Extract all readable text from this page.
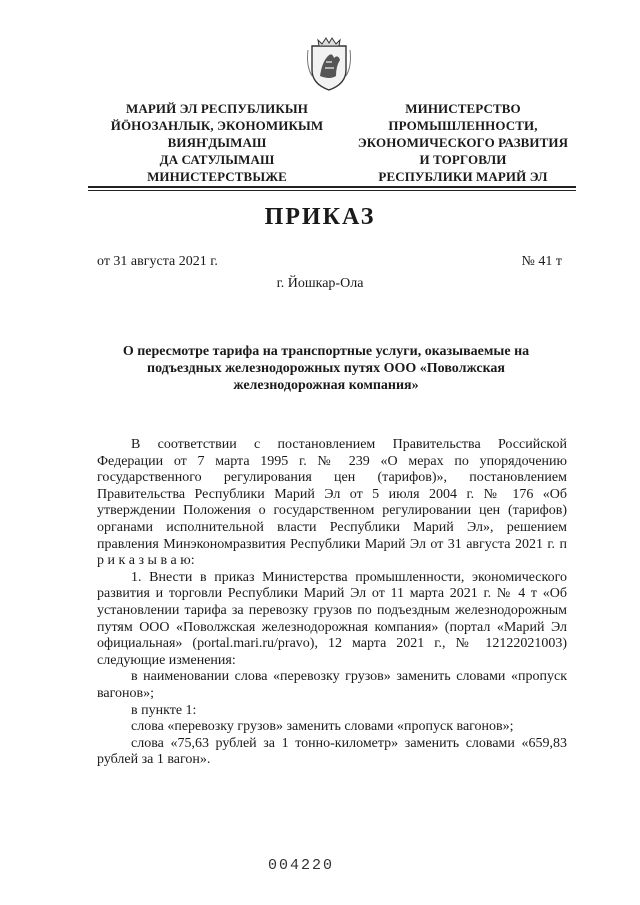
МАРИЙ ЭЛ РЕСПУБЛИКЫН
ЙӦНОЗАНЛЫК, ЭКОНОМИКЫМ
ВИЯҤДЫМАШ
ДА САТУЛЫМАШ
МИНИСТЕРСТВЫЖЕ
МИНИСТЕРСТВО
ПРОМЫШЛЕННОСТИ,
ЭКОНОМИЧЕСКОГО РАЗВИТИЯ
И ТОРГОВЛИ
РЕСПУБЛИКИ МАРИЙ ЭЛ
ПРИКАЗ
от 31 августа 2021 г.	№ 41 т
г. Йошкар-Ола
О пересмотре тарифа на транспортные услуги, оказываемые на подъездных железнодорожных путях ООО «Поволжская железнодорожная компания»

В соответствии с постановлением Правительства Российской Федерации от 7 марта 1995 г. № 239 «О мерах по упорядочению государственного регулирования цен (тарифов)», постановлением Правительства Республики Марий Эл от 5 июля 2004 г. № 176 «Об утверждении Положения о государственном регулировании цен (тарифов) органами исполнительной власти Республики Марий Эл», решением правления Минэкономразвития Республики Марий Эл от 31 августа 2021 г. п р и к а з ы в а ю:

1. Внести в приказ Министерства промышленности, экономического развития и торговли Республики Марий Эл от 11 марта 2021 г. № 4 т «Об установлении тарифа за перевозку грузов по подъездным железнодорожным путям ООО «Поволжская железнодорожная компания» (портал «Марий Эл официальная» (portal.mari.ru/pravo), 12 марта 2021 г., № 12122021003) следующие изменения:

в наименовании слова «перевозку грузов» заменить словами «пропуск вагонов»;

в пункте 1:

слова «перевозку грузов» заменить словами «пропуск вагонов»;

слова «75,63 рублей за 1 тонно-километр» заменить словами «659,83 рублей за 1 вагон».

004220
